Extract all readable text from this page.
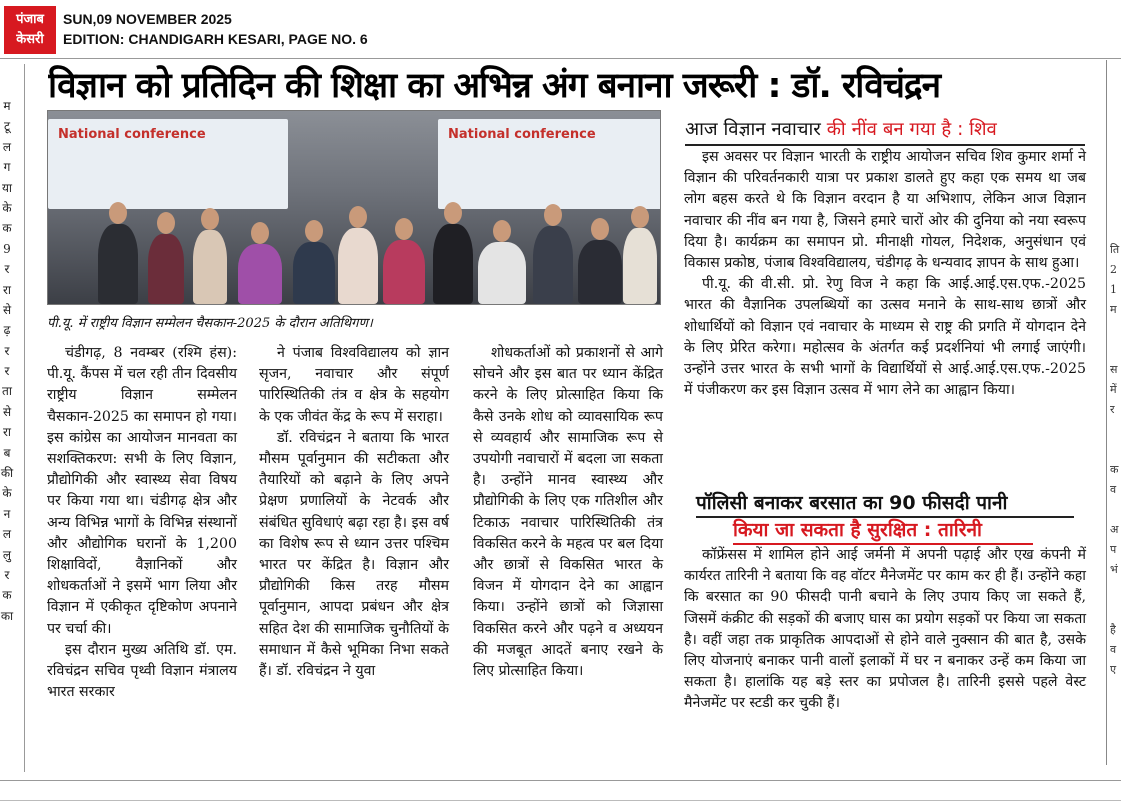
पंजाब
केसरी
SUN,09 NOVEMBER 2025
EDITION: CHANDIGARH KESARI, PAGE NO. 6
म
टू
ल
ग
या
के
क
9
र
रा
से
ढ़
र
र
ता
से
रा
ब
की
के
न
ल
लु
र
क
का
ति
2
1
म
स
में
र
क
व
अ
प
भं
है
व
ए
विज्ञान को प्रतिदिन की शिक्षा का अभिन्न अंग बनाना जरूरी : डॉ. रविचंद्रन
National conference	National conference
पी.यू. में राष्ट्रीय विज्ञान सम्मेलन चैसकान-2025 के दौरान अतिथिगण।

चंडीगढ़, 8 नवम्बर (रश्मि हंस): पी.यू. कैंपस में चल रही तीन दिवसीय राष्ट्रीय विज्ञान सम्मेलन चैसकान-2025 का समापन हो गया। इस कांग्रेस का आयोजन मानवता का सशक्तिकरण: सभी के लिए विज्ञान, प्रौद्योगिकी और स्वास्थ्य सेवा विषय पर किया गया था। चंडीगढ़ क्षेत्र और अन्य विभिन्न भागों के विभिन्न संस्थानों और औद्योगिक घरानों के 1,200 शिक्षाविदों, वैज्ञानिकों और शोधकर्ताओं ने इसमें भाग लिया और विज्ञान में एकीकृत दृष्टिकोण अपनाने पर चर्चा की।

इस दौरान मुख्य अतिथि डॉ. एम. रविचंद्रन सचिव पृथ्वी विज्ञान मंत्रालय भारत सरकार

ने पंजाब विश्वविद्यालय को ज्ञान सृजन, नवाचार और संपूर्ण पारिस्थितिकी तंत्र व क्षेत्र के सहयोग के एक जीवंत केंद्र के रूप में सराहा।

डॉ. रविचंद्रन ने बताया कि भारत मौसम पूर्वानुमान की सटीकता और तैयारियों को बढ़ाने के लिए अपने प्रेक्षण प्रणालियों के नेटवर्क और संबंधित सुविधाएं बढ़ा रहा है। इस वर्ष का विशेष रूप से ध्यान उत्तर पश्चिम भारत पर केंद्रित है। विज्ञान और प्रौद्योगिकी किस तरह मौसम पूर्वानुमान, आपदा प्रबंधन और क्षेत्र सहित देश की सामाजिक चुनौतियों के समाधान में कैसे भूमिका निभा सकते हैं। डॉ. रविचंद्रन ने युवा

शोधकर्ताओं को प्रकाशनों से आगे सोचने और इस बात पर ध्यान केंद्रित करने के लिए प्रोत्साहित किया कि कैसे उनके शोध को व्यावसायिक रूप से व्यवहार्य और सामाजिक रूप से उपयोगी नवाचारों में बदला जा सकता है। उन्होंने मानव स्वास्थ्य और प्रौद्योगिकी के लिए एक गतिशील और टिकाऊ नवाचार पारिस्थितिकी तंत्र विकसित करने के महत्व पर बल दिया और छात्रों से विकसित भारत के विजन में योगदान देने का आह्वान किया। उन्होंने छात्रों को जिज्ञासा विकसित करने और पढ़ने व अध्ययन की मजबूत आदतें बनाए रखने के लिए प्रोत्साहित किया।

आज विज्ञान नवाचार की नींव बन गया है : शिव

इस अवसर पर विज्ञान भारती के राष्ट्रीय आयोजन सचिव शिव कुमार शर्मा ने विज्ञान की परिवर्तनकारी यात्रा पर प्रकाश डालते हुए कहा एक समय था जब लोग बहस करते थे कि विज्ञान वरदान है या अभिशाप, लेकिन आज विज्ञान नवाचार की नींव बन गया है, जिसने हमारे चारों ओर की दुनिया को नया स्वरूप दिया है। कार्यक्रम का समापन प्रो. मीनाक्षी गोयल, निदेशक, अनुसंधान एवं विकास प्रकोष्ठ, पंजाब विश्वविद्यालय, चंडीगढ़ के धन्यवाद ज्ञापन के साथ हुआ।

पी.यू. की वी.सी. प्रो. रेणु विज ने कहा कि आई.आई.एस.एफ.-2025 भारत की वैज्ञानिक उपलब्धियों का उत्सव मनाने के साथ-साथ छात्रों और शोधार्थियों को विज्ञान एवं नवाचार के माध्यम से राष्ट्र की प्रगति में योगदान देने के लिए प्रेरित करेगा। महोत्सव के अंतर्गत कई प्रदर्शनियां भी लगाई जाएंगी। उन्होंने उत्तर भारत के सभी भागों के विद्यार्थियों से आई.आई.एस.एफ.-2025 में पंजीकरण कर इस विज्ञान उत्सव में भाग लेने का आह्वान किया।

पॉलिसी बनाकर बरसात का 90 फीसदी पानी
किया जा सकता है सुरक्षित : तारिनी

कॉफ्रेंसस में शामिल होने आई जर्मनी में अपनी पढ़ाई और एख कंपनी में कार्यरत तारिनी ने बताया कि वह वॉटर मैनेजमेंट पर काम कर ही हैं। उन्होंने कहा कि बरसात का 90 फीसदी पानी बचाने के लिए उपाय किए जा सकते हैं, जिसमें कंक्रीट की सड़कों की बजाए घास का प्रयोग सड़कों पर किया जा सकता है। वहीं जहा तक प्राकृतिक आपदाओं से होने वाले नुक्सान की बात है, उसके लिए योजनाएं बनाकर पानी वालों इलाकों में घर न बनाकर उन्हें कम किया जा सकता है। हालांकि यह बड़े स्तर का प्रपोजल है। तारिनी इससे पहले वेस्ट मैनेजमेंट पर स्टडी कर चुकी हैं।
